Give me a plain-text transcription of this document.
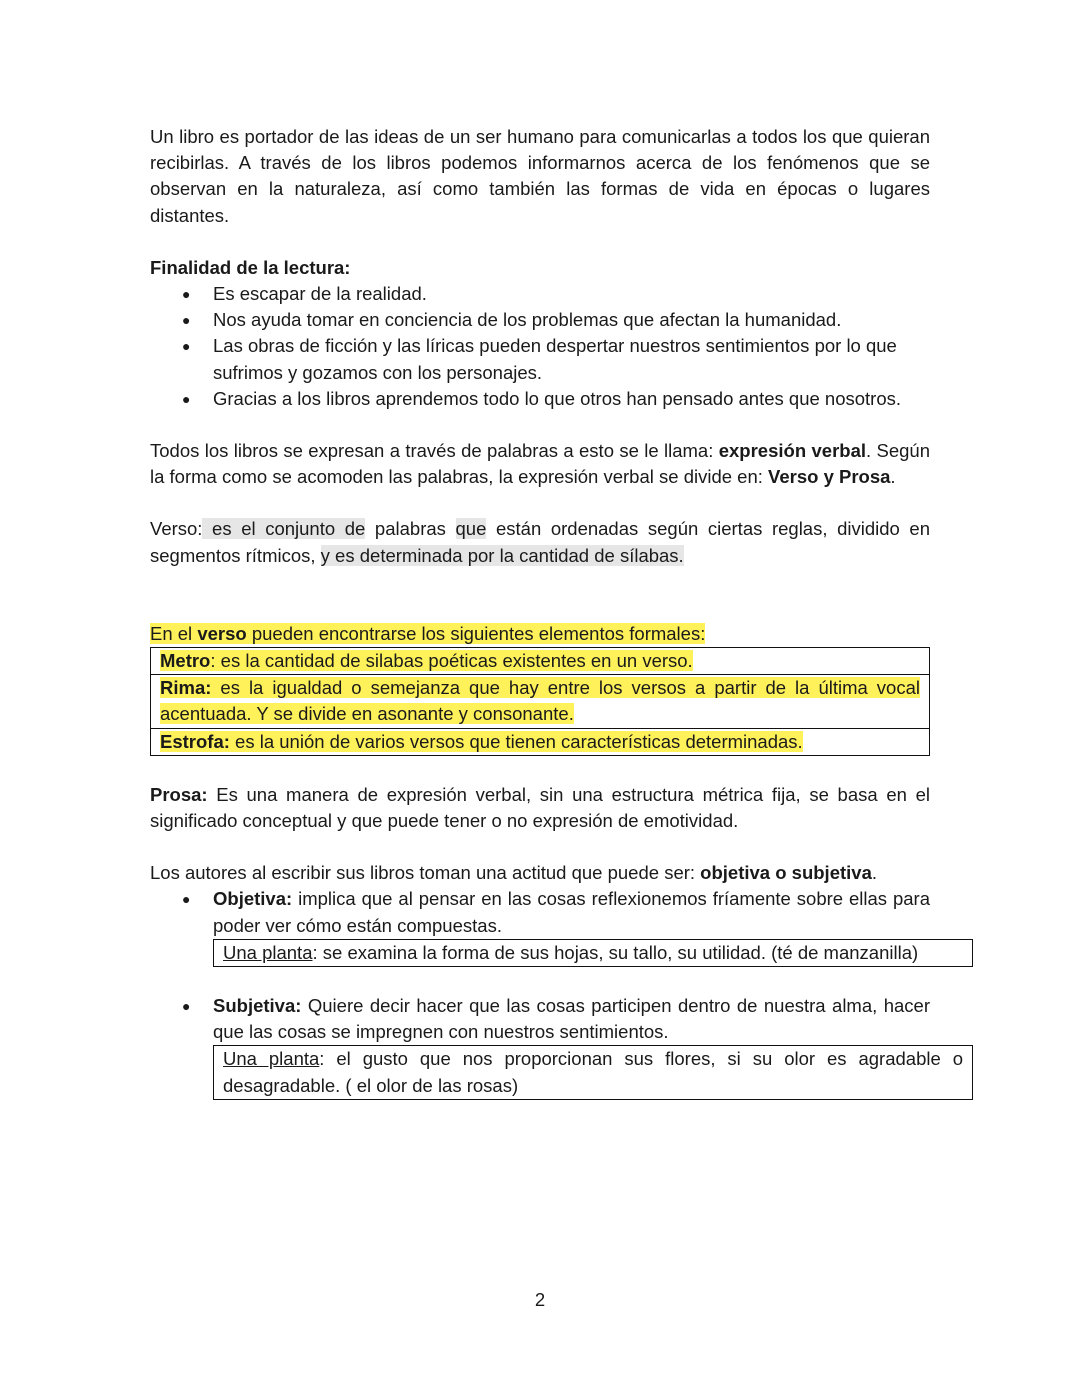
Un libro es portador de las ideas de un ser humano para comunicarlas a todos los que quieran recibirlas. A través de los libros podemos informarnos acerca de los fenómenos que se observan en la naturaleza, así como también las formas de vida en épocas o lugares distantes.

Finalidad de la lectura:

● Es escapar de la realidad.
● Nos ayuda tomar en conciencia de los problemas que afectan la humanidad.
● Las obras de ficción y las líricas pueden despertar nuestros sentimientos por lo que sufrimos y gozamos con los personajes.
● Gracias a los libros aprendemos todo lo que otros han pensado antes que nosotros.

Todos los libros se expresan a través de palabras a esto se le llama: expresión verbal. Según la forma como se acomoden las palabras, la expresión verbal se divide en: Verso y Prosa.

Verso: es el conjunto de palabras que están ordenadas según ciertas reglas, dividido en segmentos rítmicos, y es determinada por la cantidad de sílabas.

En el verso pueden encontrarse los siguientes elementos formales:

Metro: es la cantidad de silabas poéticas existentes en un verso.
Rima: es la igualdad o semejanza que hay entre los versos a partir de la última vocal acentuada. Y se divide en asonante y consonante.
Estrofa: es la unión de varios versos que tienen características determinadas.

Prosa: Es una manera de expresión verbal, sin una estructura métrica fija, se basa en el significado conceptual y que puede tener o no expresión de emotividad.

Los autores al escribir sus libros toman una actitud que puede ser: objetiva o subjetiva.

● Objetiva: implica que al pensar en las cosas reflexionemos fríamente sobre ellas para poder ver cómo están compuestas.
Una planta: se examina la forma de sus hojas, su tallo, su utilidad. (té de manzanilla)
● Subjetiva: Quiere decir hacer que las cosas participen dentro de nuestra alma, hacer que las cosas se impregnen con nuestros sentimientos.
Una planta: el gusto que nos proporcionan sus flores, si su olor es agradable o desagradable. ( el olor de las rosas)
2
